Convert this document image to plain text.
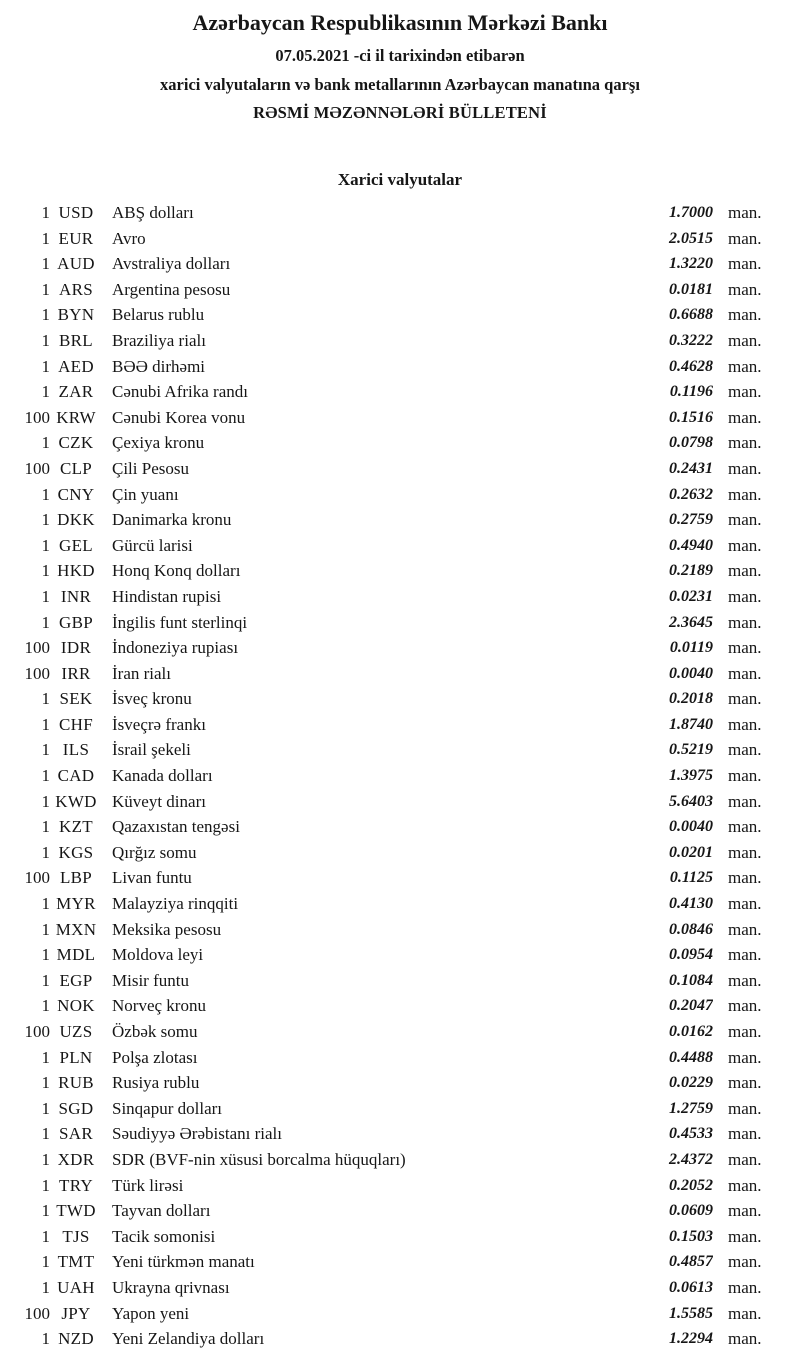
Azərbaycan Respublikasının Mərkəzi Bankı
07.05.2021 -ci il tarixindən etibarən
xarici valyutaların və bank metallarının Azərbaycan manatına qarşı
RƏSMİ MƏZƏNNƏLƏRİ BÜLLETENİ
Xarici valyutalar
1 USD	ABŞ dolları	1.7000 man.
1 EUR	Avro	2.0515 man.
1 AUD	Avstraliya dolları	1.3220 man.
1 ARS	Argentina pesosu	0.0181 man.
1 BYN	Belarus rublu	0.6688 man.
1 BRL	Braziliya rialı	0.3222 man.
1 AED	BƏƏ dirhəmi	0.4628 man.
1 ZAR	Cənubi Afrika randı	0.1196 man.
100 KRW Cənubi Korea vonu	0.1516 man.
1 CZK	Çexiya kronu	0.0798 man.
100 CLP	Çili Pesosu	0.2431 man.
1 CNY	Çin yuanı	0.2632 man.
1 DKK	Danimarka kronu	0.2759 man.
1 GEL	Gürcü larisi	0.4940 man.
1 HKD	Honq Konq dolları	0.2189 man.
1 INR	Hindistan rupisi	0.0231 man.
1 GBP	İngilis funt sterlinqi	2.3645 man.
100 IDR	İndoneziya rupiası	0.0119 man.
100 IRR	İran rialı	0.0040 man.
1 SEK	İsveç kronu	0.2018 man.
1 CHF	İsveçrə frankı	1.8740 man.
1 ILS	İsrail şekeli	0.5219 man.
1 CAD	Kanada dolları	1.3975 man.
1 KWD Küveyt dinarı	5.6403 man.
1 KZT	Qazaxıstan tengəsi	0.0040 man.
1 KGS	Qırğız somu	0.0201 man.
100 LBP	Livan funtu	0.1125 man.
1 MYR Malayziya rinqqiti	0.4130 man.
1 MXN Meksika pesosu	0.0846 man.
1 MDL Moldova leyi	0.0954 man.
1 EGP	Misir funtu	0.1084 man.
1 NOK	Norveç kronu	0.2047 man.
100 UZS	Özbək somu	0.0162 man.
1 PLN	Polşa zlotası	0.4488 man.
1 RUB	Rusiya rublu	0.0229 man.
1 SGD	Sinqapur dolları	1.2759 man.
1 SAR	Səudiyyə Ərəbistanı rialı	0.4533 man.
1 XDR	SDR (BVF-nin xüsusi borcalma hüquqları)	2.4372 man.
1 TRY	Türk lirəsi	0.2052 man.
1 TWD Tayvan dolları	0.0609 man.
1 TJS	Tacik somonisi	0.1503 man.
1 TMT	Yeni türkmən manatı	0.4857 man.
1 UAH	Ukrayna qrivnası	0.0613 man.
100 JPY	Yapon yeni	1.5585 man.
1 NZD	Yeni Zelandiya dolları	1.2294 man.
